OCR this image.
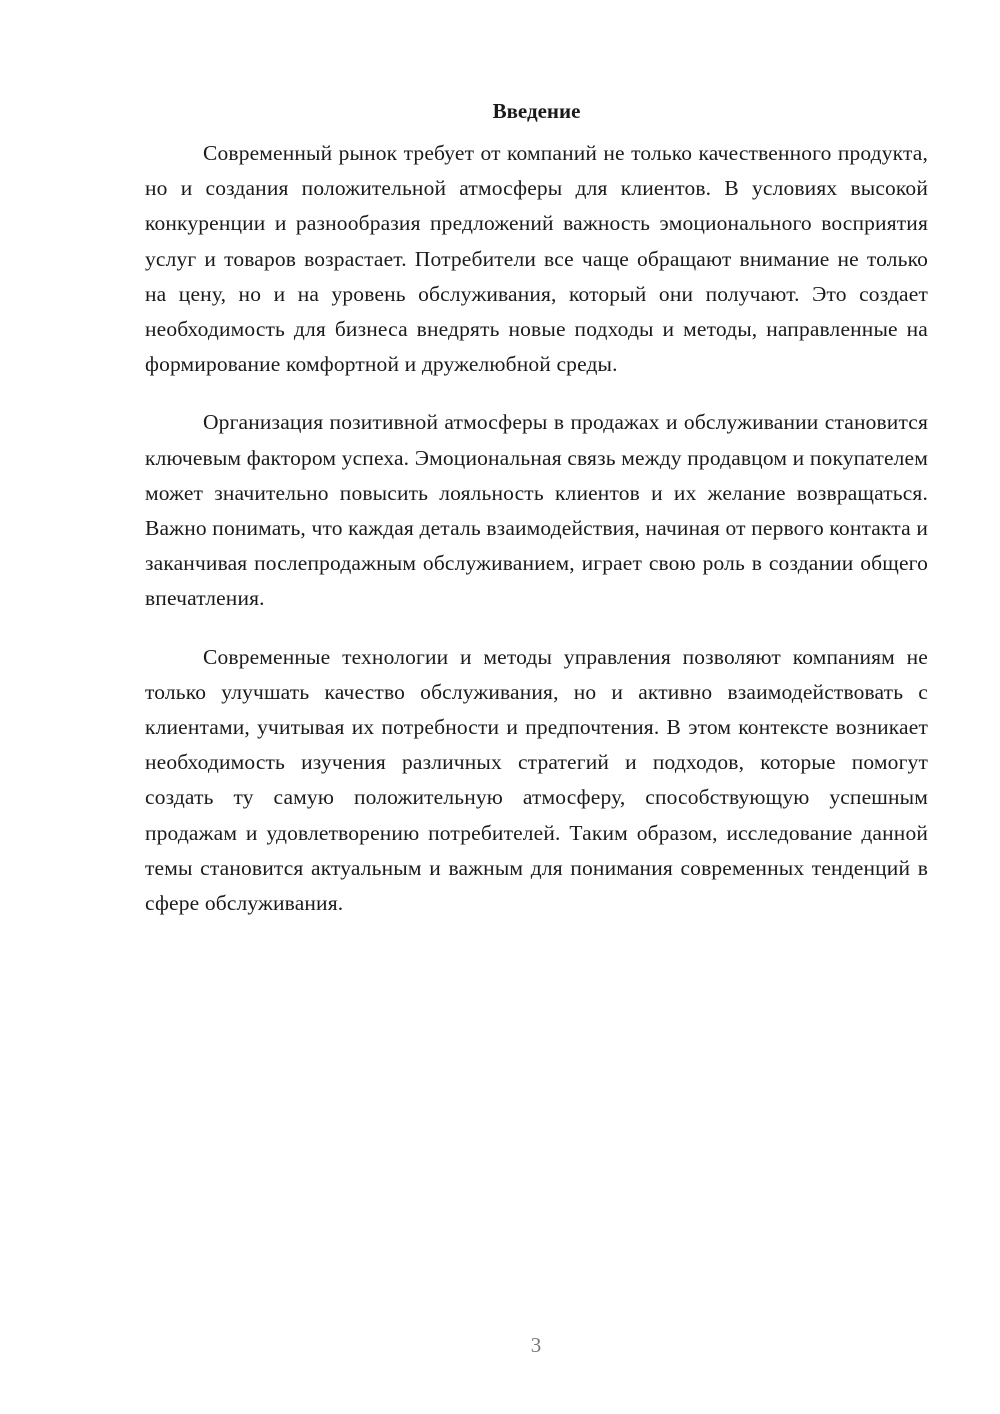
Введение

Современный рынок требует от компаний не только качественного продукта, но и создания положительной атмосферы для клиентов. В условиях высокой конкуренции и разнообразия предложений важность эмоционального восприятия услуг и товаров возрастает. Потребители все чаще обращают внимание не только на цену, но и на уровень обслуживания, который они получают. Это создает необходимость для бизнеса внедрять новые подходы и методы, направленные на формирование комфортной и дружелюбной среды.

Организация позитивной атмосферы в продажах и обслуживании становится ключевым фактором успеха. Эмоциональная связь между продавцом и покупателем может значительно повысить лояльность клиентов и их желание возвращаться. Важно понимать, что каждая деталь взаимодействия, начиная от первого контакта и заканчивая послепродажным обслуживанием, играет свою роль в создании общего впечатления.

Современные технологии и методы управления позволяют компаниям не только улучшать качество обслуживания, но и активно взаимодействовать с клиентами, учитывая их потребности и предпочтения. В этом контексте возникает необходимость изучения различных стратегий и подходов, которые помогут создать ту самую положительную атмосферу, способствующую успешным продажам и удовлетворению потребителей. Таким образом, исследование данной темы становится актуальным и важным для понимания современных тенденций в сфере обслуживания.

3
